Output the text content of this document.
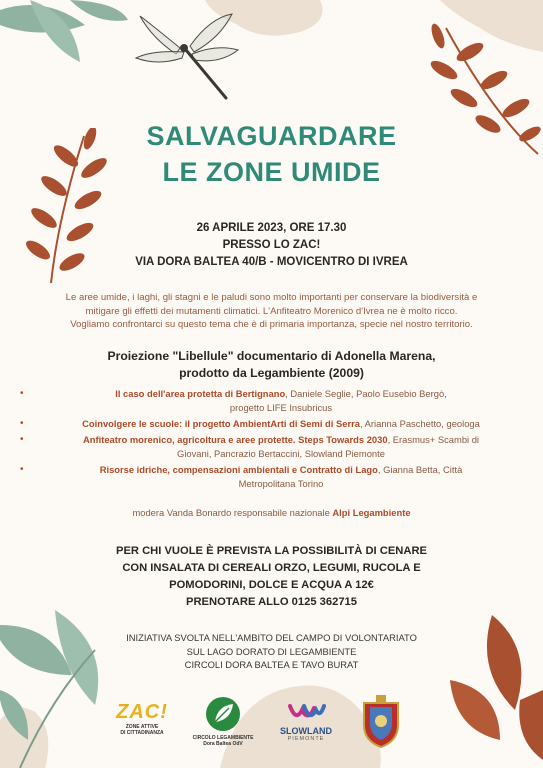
SALVAGUARDARE
LE ZONE UMIDE
26 APRILE 2023, ORE 17.30
PRESSO LO ZAC!
VIA DORA BALTEA 40/B - MOVICENTRO DI IVREA
Le aree umide, i laghi, gli stagni e le paludi sono molto importanti per conservare la biodiversità e
mitigare gli effetti dei mutamenti climatici. L'Anfiteatro Morenico d'Ivrea ne è molto ricco.
Vogliamo confrontarci su questo tema che è di primaria importanza, specie nel nostro territorio.
Proiezione "Libellule" documentario di Adonella Marena,
prodotto da Legambiente (2009)
• Il caso dell'area protetta di Bertignano, Daniele Seglie, Paolo Eusebio Bergò,
progetto LIFE Insubricus
• Coinvolgere le scuole: il progetto AmbientArti di Semi di Serra, Arianna Paschetto, geologa
• Anfiteatro morenico, agricoltura e aree protette. Steps Towards 2030, Erasmus+ Scambi di
Giovani, Pancrazio Bertaccini, Slowland Piemonte
• Risorse idriche, compensazioni ambientali e Contratto di Lago, Gianna Betta, Città
Metropolitana Torino
modera Vanda Bonardo responsabile nazionale Alpi Legambiente
PER CHI VUOLE È PREVISTA LA POSSIBILITÀ DI CENARE
CON INSALATA DI CEREALI ORZO, LEGUMI, RUCOLA E
POMODORINI, DOLCE E ACQUA A 12€
PRENOTARE ALLO 0125 362715
INIZIATIVA SVOLTA NELL'AMBITO DEL CAMPO DI VOLONTARIATO
SUL LAGO DORATO DI LEGAMBIENTE
CIRCOLI DORA BALTEA E TAVO BURAT
ZAC!
ZONE ATTIVE
DI CITTADINANZA
CIRCOLO LEGAMBIENTE
Dora Baltea OdV
SLOWLAND
PIEMONTE
